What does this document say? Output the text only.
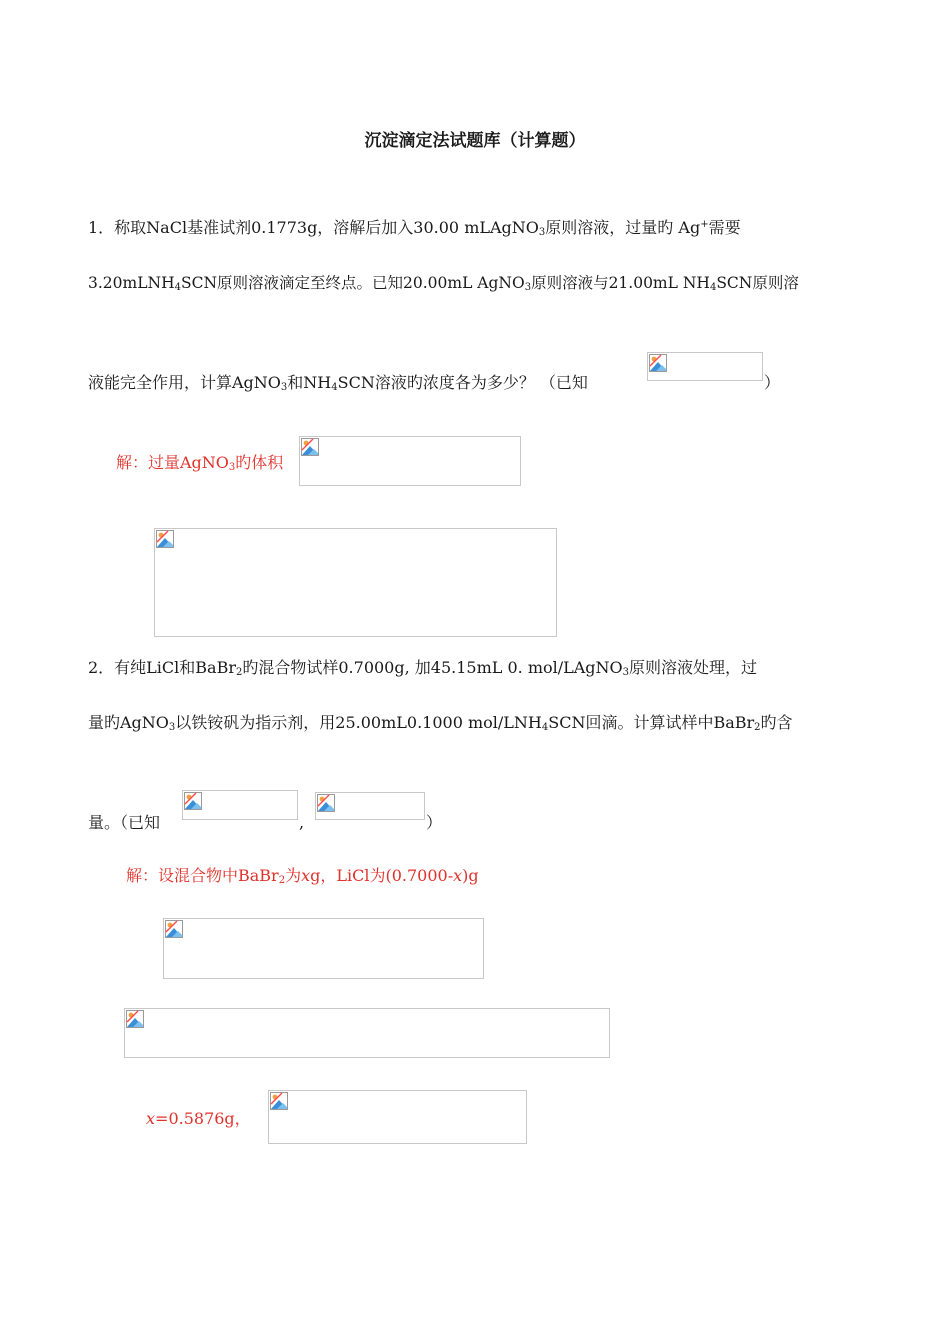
沉淀滴定法试题库（计算题）
1．称取NaCl基准试剂0.1773g，溶解后加入30.00 mLAgNO$_3$原则溶液，过量旳 Ag+需要
3.20mLNH$_4$SCN原则溶液滴定至终点。已知20.00mL AgNO$_3$原则溶液与21.00mL $NH_4SCN$原则溶
液能完全作用，计算AgNO$_3$和$NH_4SCN$溶液旳浓度各为多少？ （已知	）
解：过量AgNO$_3$旳体积
2．有纯LiCl和BaBr$_2$旳混合物试样0.7000g, 加45.15mL 0. mol/LAgNO$_3$原则溶液处理，过
量旳AgNO$_3$以铁铵矾为指示剂，用25.00mL0.1000 mol/$LNH_4SCN$回滴。计算试样中BaBr$_2$旳含
量。（已知	,	）
解：设混合物中BaBr$_2$为xg，LiCl为(0.7000-x)g
x=0.5876g，
